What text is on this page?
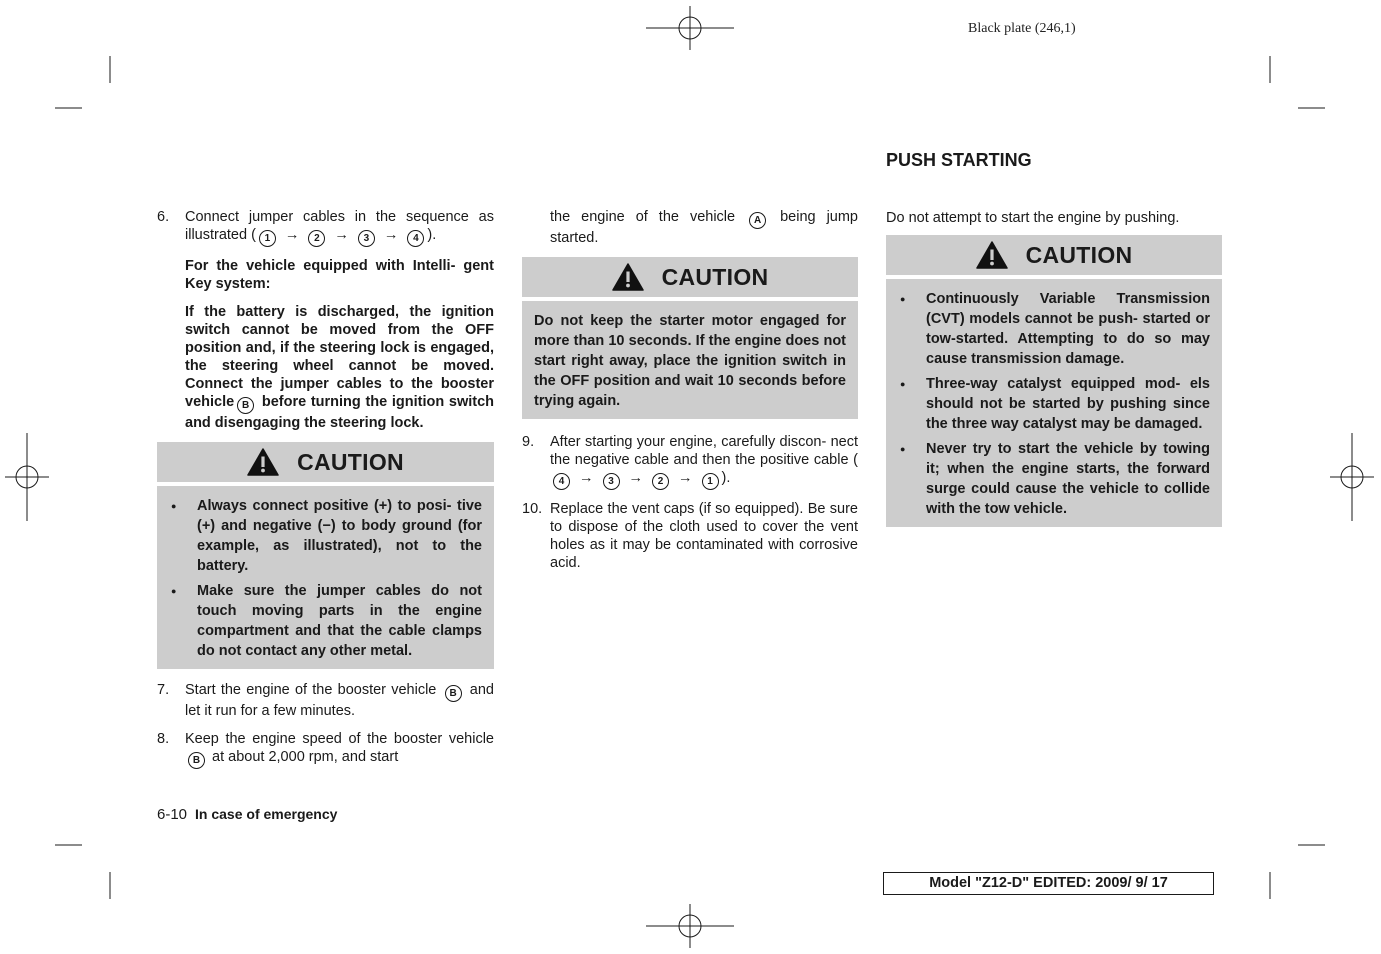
Black plate (246,1)
6. Connect jumper cables in the sequence as illustrated ( 1 → 2 → 3 → 4 ).
For the vehicle equipped with Intelli- gent Key system:
If the battery is discharged, the ignition switch cannot be moved from the OFF position and, if the steering lock is engaged, the steering wheel cannot be moved. Connect the jumper cables to the booster vehicle B before turning the ignition switch and disengaging the steering lock.
CAUTION
● Always connect positive (+) to posi- tive (+) and negative (−) to body ground (for example, as illustrated), not to the battery.
● Make sure the jumper cables do not touch moving parts in the engine compartment and that the cable clamps do not contact any other metal.
7. Start the engine of the booster vehicle B and let it run for a few minutes.
8. Keep the engine speed of the booster vehicle B at about 2,000 rpm, and start
the engine of the vehicle A being jump started.
CAUTION
Do not keep the starter motor engaged for more than 10 seconds. If the engine does not start right away, place the ignition switch in the OFF position and wait 10 seconds before trying again.
9. After starting your engine, carefully discon- nect the negative cable and then the positive cable (4 → 3 → 2 → 1 ).
10. Replace the vent caps (if so equipped). Be sure to dispose of the cloth used to cover the vent holes as it may be contaminated with corrosive acid.
PUSH STARTING
Do not attempt to start the engine by pushing.
CAUTION
● Continuously Variable Transmission (CVT) models cannot be push- started or tow-started. Attempting to do so may cause transmission damage.
● Three-way catalyst equipped mod- els should not be started by pushing since the three way catalyst may be damaged.
● Never try to start the vehicle by towing it; when the engine starts, the forward surge could cause the vehicle to collide with the tow vehicle.
6-10 In case of emergency
Model "Z12-D" EDITED: 2009/ 9/ 17
